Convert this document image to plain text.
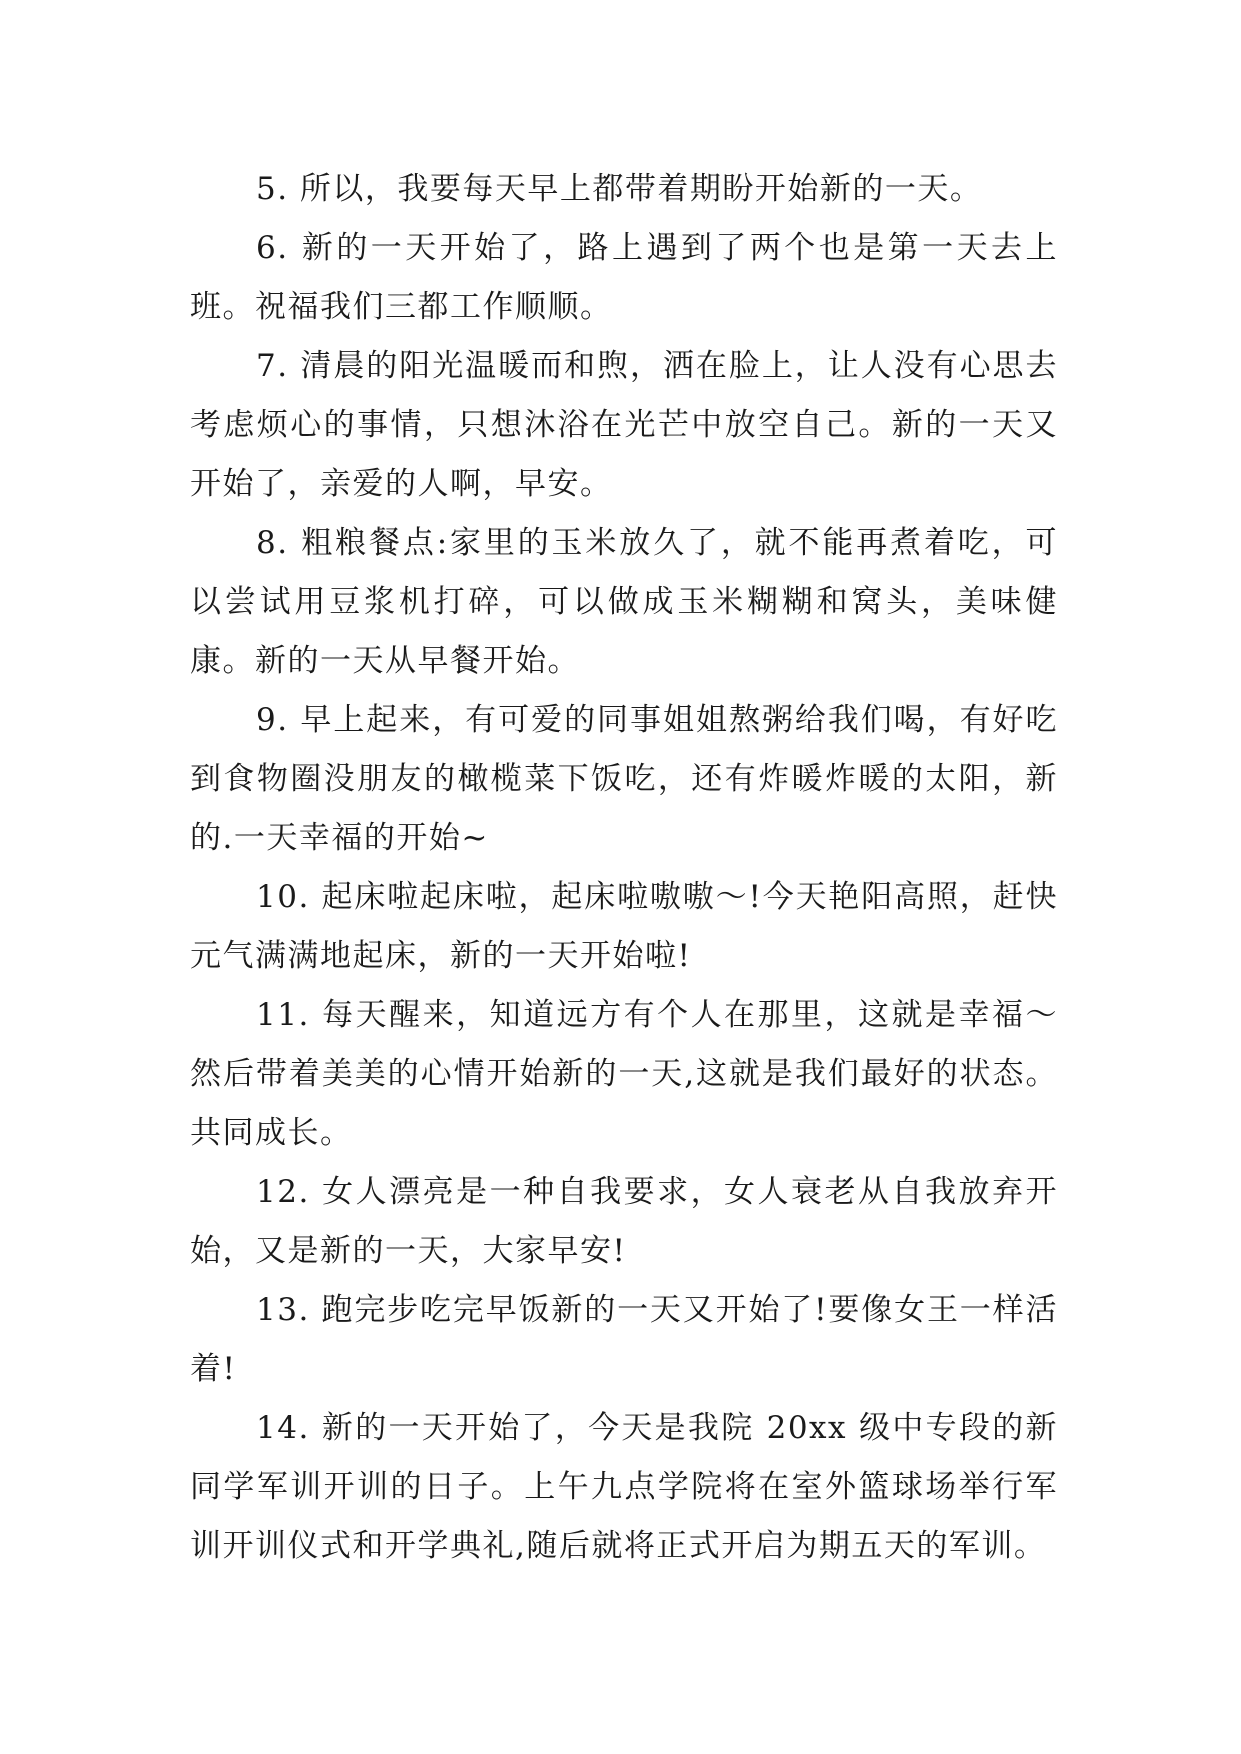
5. 所以，我要每天早上都带着期盼开始新的一天。

6. 新的一天开始了，路上遇到了两个也是第一天去上班。祝福我们三都工作顺顺。

7. 清晨的阳光温暖而和煦，洒在脸上，让人没有心思去考虑烦心的事情，只想沐浴在光芒中放空自己。新的一天又开始了，亲爱的人啊，早安。

8. 粗粮餐点:家里的玉米放久了，就不能再煮着吃，可以尝试用豆浆机打碎，可以做成玉米糊糊和窝头，美味健康。新的一天从早餐开始。

9. 早上起来，有可爱的同事姐姐熬粥给我们喝，有好吃到食物圈没朋友的橄榄菜下饭吃，还有炸暖炸暖的太阳，新的.一天幸福的开始~

10. 起床啦起床啦，起床啦嗷嗷～!今天艳阳高照，赶快元气满满地起床，新的一天开始啦!

11. 每天醒来，知道远方有个人在那里，这就是幸福～然后带着美美的心情开始新的一天,这就是我们最好的状态。共同成长。

12. 女人漂亮是一种自我要求，女人衰老从自我放弃开始，又是新的一天，大家早安!

13. 跑完步吃完早饭新的一天又开始了!要像女王一样活着!

14. 新的一天开始了，今天是我院 20xx 级中专段的新同学军训开训的日子。上午九点学院将在室外篮球场举行军训开训仪式和开学典礼,随后就将正式开启为期五天的军训。
